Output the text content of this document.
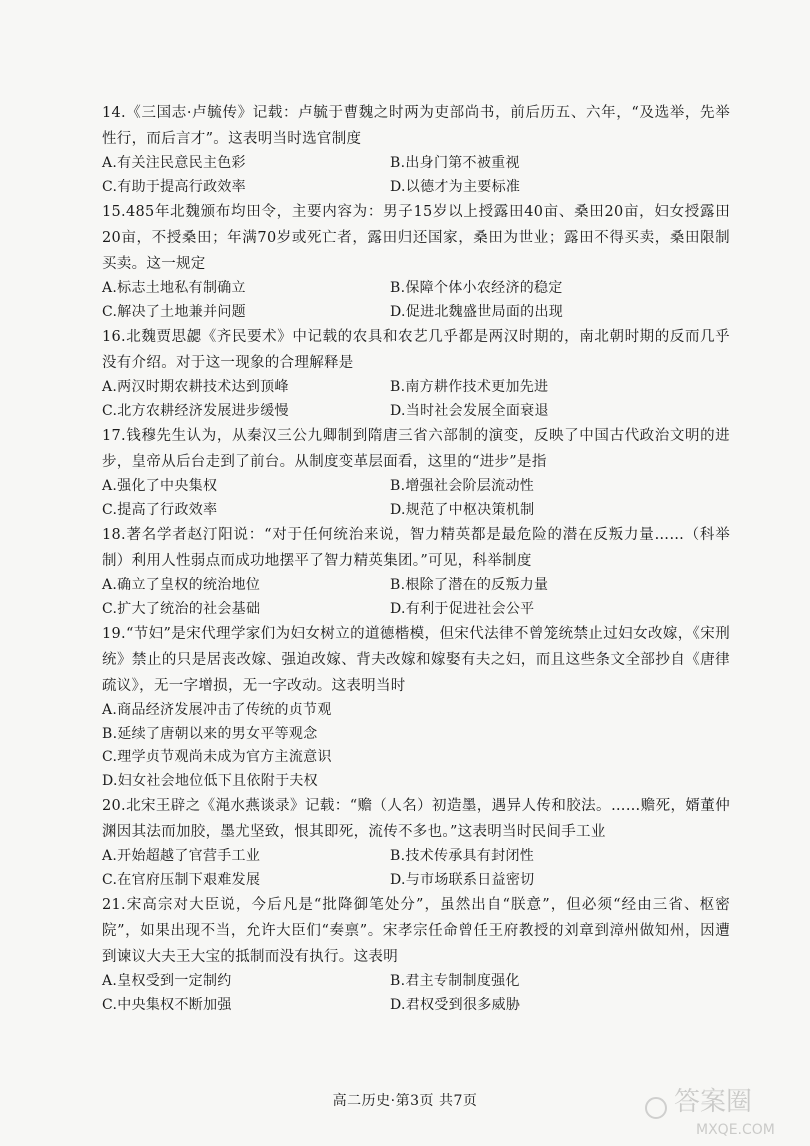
14.《三国志·卢毓传》记载：卢毓于曹魏之时两为吏部尚书，前后历五、六年，“及选举，先举性行，而后言才”。这表明当时选官制度

A.有关注民意民主色彩	B.出身门第不被重视
C.有助于提高行政效率	D.以德才为主要标准

15.485年北魏颁布均田令，主要内容为：男子15岁以上授露田40亩、桑田20亩，妇女授露田20亩，不授桑田；年满70岁或死亡者，露田归还国家，桑田为世业；露田不得买卖，桑田限制买卖。这一规定

A.标志土地私有制确立	B.保障个体小农经济的稳定
C.解决了土地兼并问题	D.促进北魏盛世局面的出现

16.北魏贾思勰《齐民要术》中记载的农具和农艺几乎都是两汉时期的，南北朝时期的反而几乎没有介绍。对于这一现象的合理解释是

A.两汉时期农耕技术达到顶峰	B.南方耕作技术更加先进
C.北方农耕经济发展进步缓慢	D.当时社会发展全面衰退

17.钱穆先生认为，从秦汉三公九卿制到隋唐三省六部制的演变，反映了中国古代政治文明的进步，皇帝从后台走到了前台。从制度变革层面看，这里的“进步”是指

A.强化了中央集权	B.增强社会阶层流动性
C.提高了行政效率	D.规范了中枢决策机制

18.著名学者赵汀阳说：“对于任何统治来说，智力精英都是最危险的潜在反叛力量……（科举制）利用人性弱点而成功地摆平了智力精英集团。”可见，科举制度

A.确立了皇权的统治地位	B.根除了潜在的反叛力量
C.扩大了统治的社会基础	D.有利于促进社会公平

19.“节妇”是宋代理学家们为妇女树立的道德楷模，但宋代法律不曾笼统禁止过妇女改嫁，《宋刑统》禁止的只是居丧改嫁、强迫改嫁、背夫改嫁和嫁娶有夫之妇，而且这些条文全部抄自《唐律疏议》，无一字增损，无一字改动。这表明当时

A.商品经济发展冲击了传统的贞节观
B.延续了唐朝以来的男女平等观念
C.理学贞节观尚未成为官方主流意识
D.妇女社会地位低下且依附于夫权

20.北宋王辟之《渑水燕谈录》记载：“赡（人名）初造墨，遇异人传和胶法。……赡死，婿董仲渊因其法而加胶，墨尤坚致，恨其即死，流传不多也。”这表明当时民间手工业

A.开始超越了官营手工业	B.技术传承具有封闭性
C.在官府压制下艰难发展	D.与市场联系日益密切

21.宋高宗对大臣说，今后凡是“批降御笔处分”，虽然出自“朕意”，但必须“经由三省、枢密院”，如果出现不当，允许大臣们“奏禀”。宋孝宗任命曾任王府教授的刘章到漳州做知州，因遭到谏议大夫王大宝的抵制而没有执行。这表明

A.皇权受到一定制约	B.君主专制制度强化
C.中央集权不断加强	D.君权受到很多威胁
高二历史·第3页 共7页	答案圈
MXQE.COM
